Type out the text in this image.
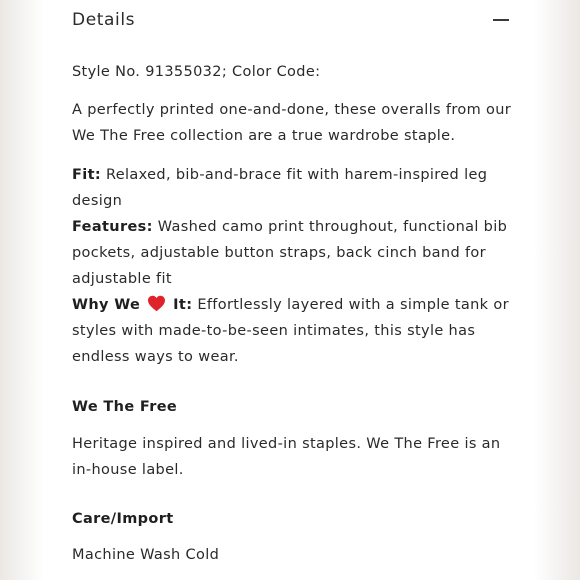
Details

Style No. 91355032; Color Code:

A perfectly printed one-and-done, these overalls from our We The Free collection are a true wardrobe staple.

Fit: Relaxed, bib-and-brace fit with harem-inspired leg design

Features: Washed camo print throughout, functional bib pockets, adjustable button straps, back cinch band for adjustable fit

Why We It: Effortlessly layered with a simple tank or styles with made-to-be-seen intimates, this style has endless ways to wear.

We The Free

Heritage inspired and lived-in staples. We The Free is an in-house label.

Care/Import

Machine Wash Cold
